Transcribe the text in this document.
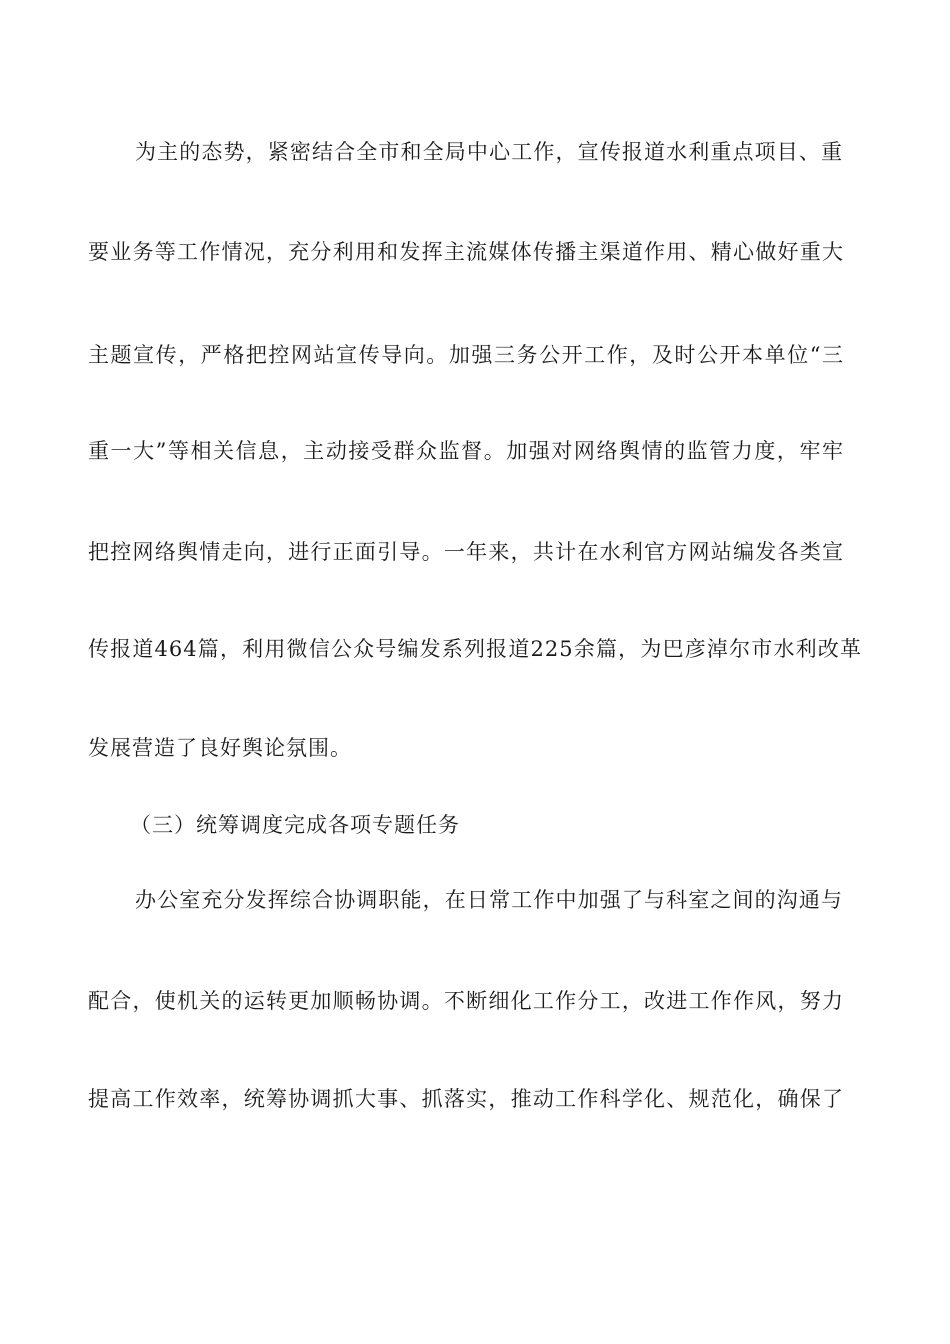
为主的态势，紧密结合全市和全局中心工作，宣传报道水利重点项目、重
要业务等工作情况，充分利用和发挥主流媒体传播主渠道作用、精心做好重大
主题宣传，严格把控网站宣传导向。加强三务公开工作，及时公开本单位“三
重一大”等相关信息，主动接受群众监督。加强对网络舆情的监管力度，牢牢
把控网络舆情走向，进行正面引导。一年来，共计在水利官方网站编发各类宣
传报道464篇，利用微信公众号编发系列报道225余篇，为巴彦淖尔市水利改革
发展营造了良好舆论氛围。
（三）统筹调度完成各项专题任务
办公室充分发挥综合协调职能，在日常工作中加强了与科室之间的沟通与
配合，使机关的运转更加顺畅协调。不断细化工作分工，改进工作作风，努力
提高工作效率，统筹协调抓大事、抓落实，推动工作科学化、规范化，确保了
